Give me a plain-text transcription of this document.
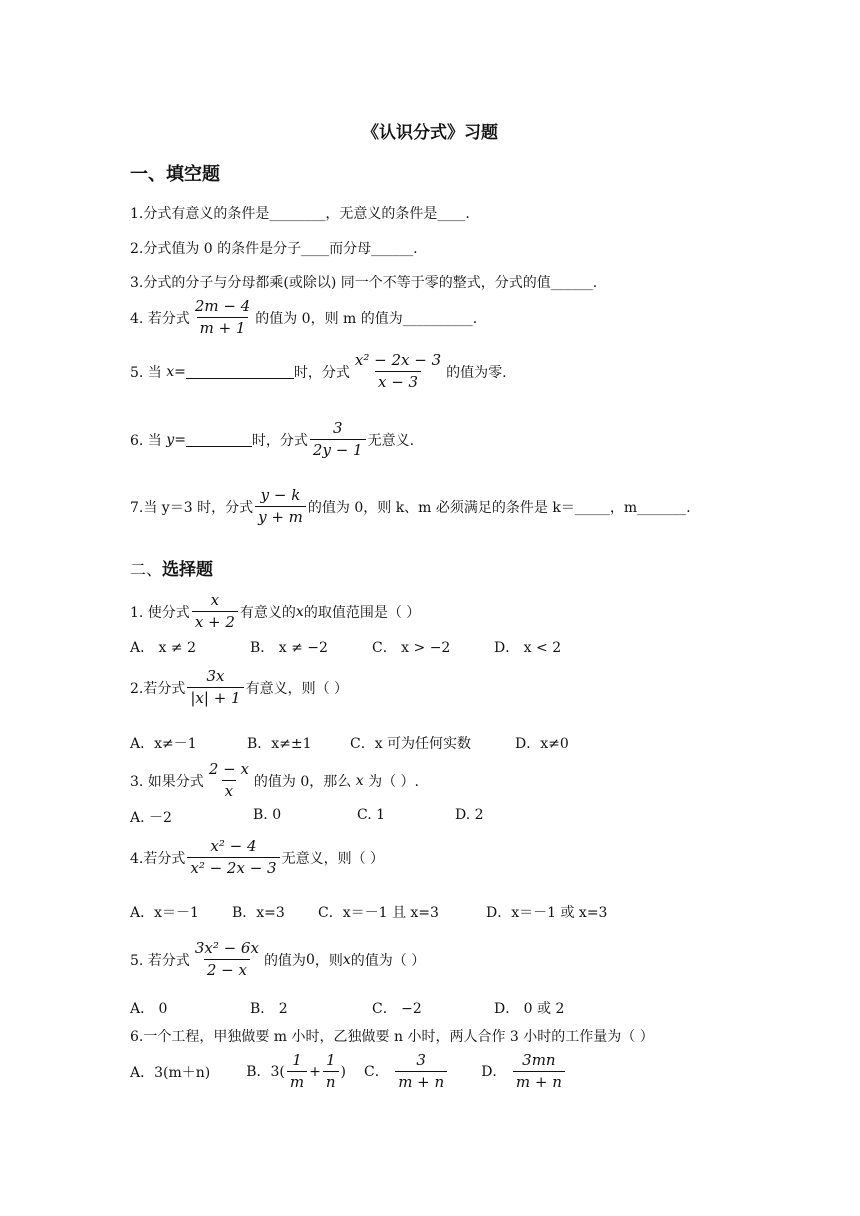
《认识分式》习题
一、填空题
1.分式有意义的条件是________，无意义的条件是____.
2.分式值为 0 的条件是分子____而分母______.
3.分式的分子与分母都乘(或除以) 同一个不等于零的整式，分式的值______.
4. 若分式 $\frac{2m - 4}{m + 1}$ 的值为 0，则 m 的值为__________.
5. 当
x =	时，分式 $\frac{\text{x² − 2x − 3}}{x - 3}$ 的值为零.
6. 当
y =	时，分式 $\frac{3}{2y - 1}$ 无意义.
7.当 y＝3 时，分式 $\frac{y - k}{y + m}$ 的值为 0，则 k、m 必须满足的条件是 k＝_____，m_______.
二、选择题
1. 使分式 $\frac{x}{x + 2}$ 有意义的 x 的取值范围是（ ）
A． x ≠ 2	B． x ≠ −2	C． x > −2	D． x < 2
2.若分式 $\frac{3x}{|x| + 1}$ 有意义，则（ ）
A．x≠－1	B．x≠±1	C．x 可为任何实数	D．x≠0
3. 如果分式 $\frac{2 - x}{x}$ 的值为 0，那么
x
为（ ）.
A. －2	B. 0	C. 1	D. 2
4.若分式 $\frac{\text{x² − 4}}{\text{x² − 2x − 3}}$ 无意义，则（ ）
A．x＝－1 B．x=3 C．x＝－1 且 x=3	D．x＝－1 或 x=3
5. 若分式 $\frac{\text{3x² − 6x}}{2 - x}$ 的值为 0 ，则 x 的值为（ ）
A． 0	B． 2	C． −2	D． 0 或 2
6.一个工程，甲独做要 m 小时，乙独做要 n 小时，两人合作 3 小时的工作量为（ ）
A．3(m＋n)	B．$3( \frac{1}{m} + \frac{1}{n}$ ) C． $\frac{3}{m + n}$ D． $\frac{3mn}{m + n}$
